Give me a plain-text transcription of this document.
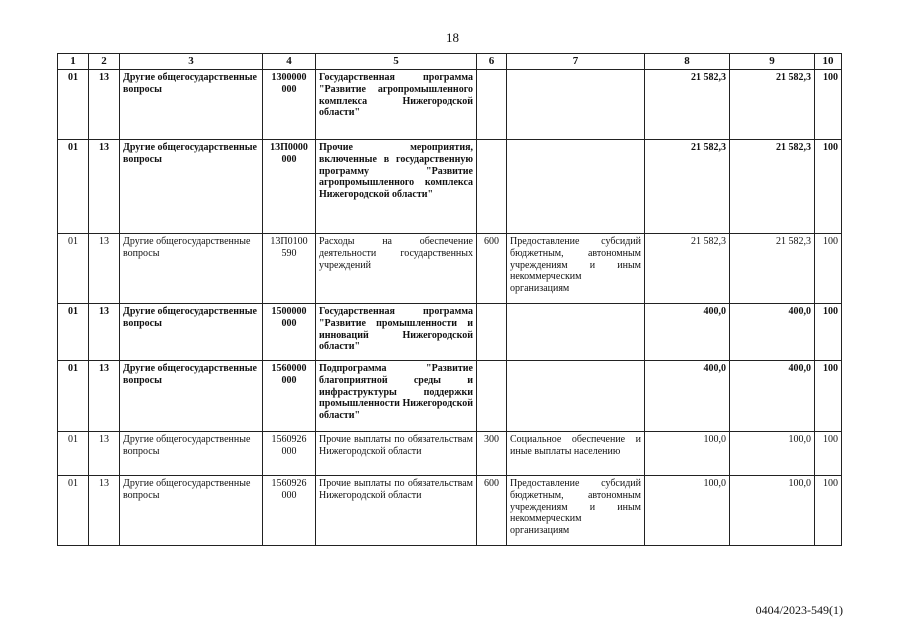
18
1	2	3	4	5	6	7	8	9	10
01	13	Другие общегосударственные вопросы	1300000 000	Государственная программа "Развитие агропромышленного комплекса Нижегородской области"			21 582,3	21 582,3	100
01	13	Другие общегосударственные вопросы	13П0000 000	Прочие мероприятия, включенные в государственную программу "Развитие агропромышленного комплекса Нижегородской области"			21 582,3	21 582,3	100
01	13	Другие общегосударственные вопросы	13П0100 590	Расходы на обеспечение деятельности государственных учреждений	600	Предоставление субсидий бюджетным, автономным учреждениям и иным некоммерческим организациям	21 582,3	21 582,3	100
01	13	Другие общегосударственные вопросы	1500000 000	Государственная программа "Развитие промышленности и инноваций Нижегородской области"			400,0	400,0	100
01	13	Другие общегосударственные вопросы	1560000 000	Подпрограмма "Развитие благоприятной среды и инфраструктуры поддержки промышленности Нижегородской области"			400,0	400,0	100
01	13	Другие общегосударственные вопросы	1560926 000	Прочие выплаты по обязательствам Нижегородской области	300	Социальное обеспечение и иные выплаты населению	100,0	100,0	100
01	13	Другие общегосударственные вопросы	1560926 000	Прочие выплаты по обязательствам Нижегородской области	600	Предоставление субсидий бюджетным, автономным учреждениям и иным некоммерческим организациям	100,0	100,0	100
0404/2023-549(1)
